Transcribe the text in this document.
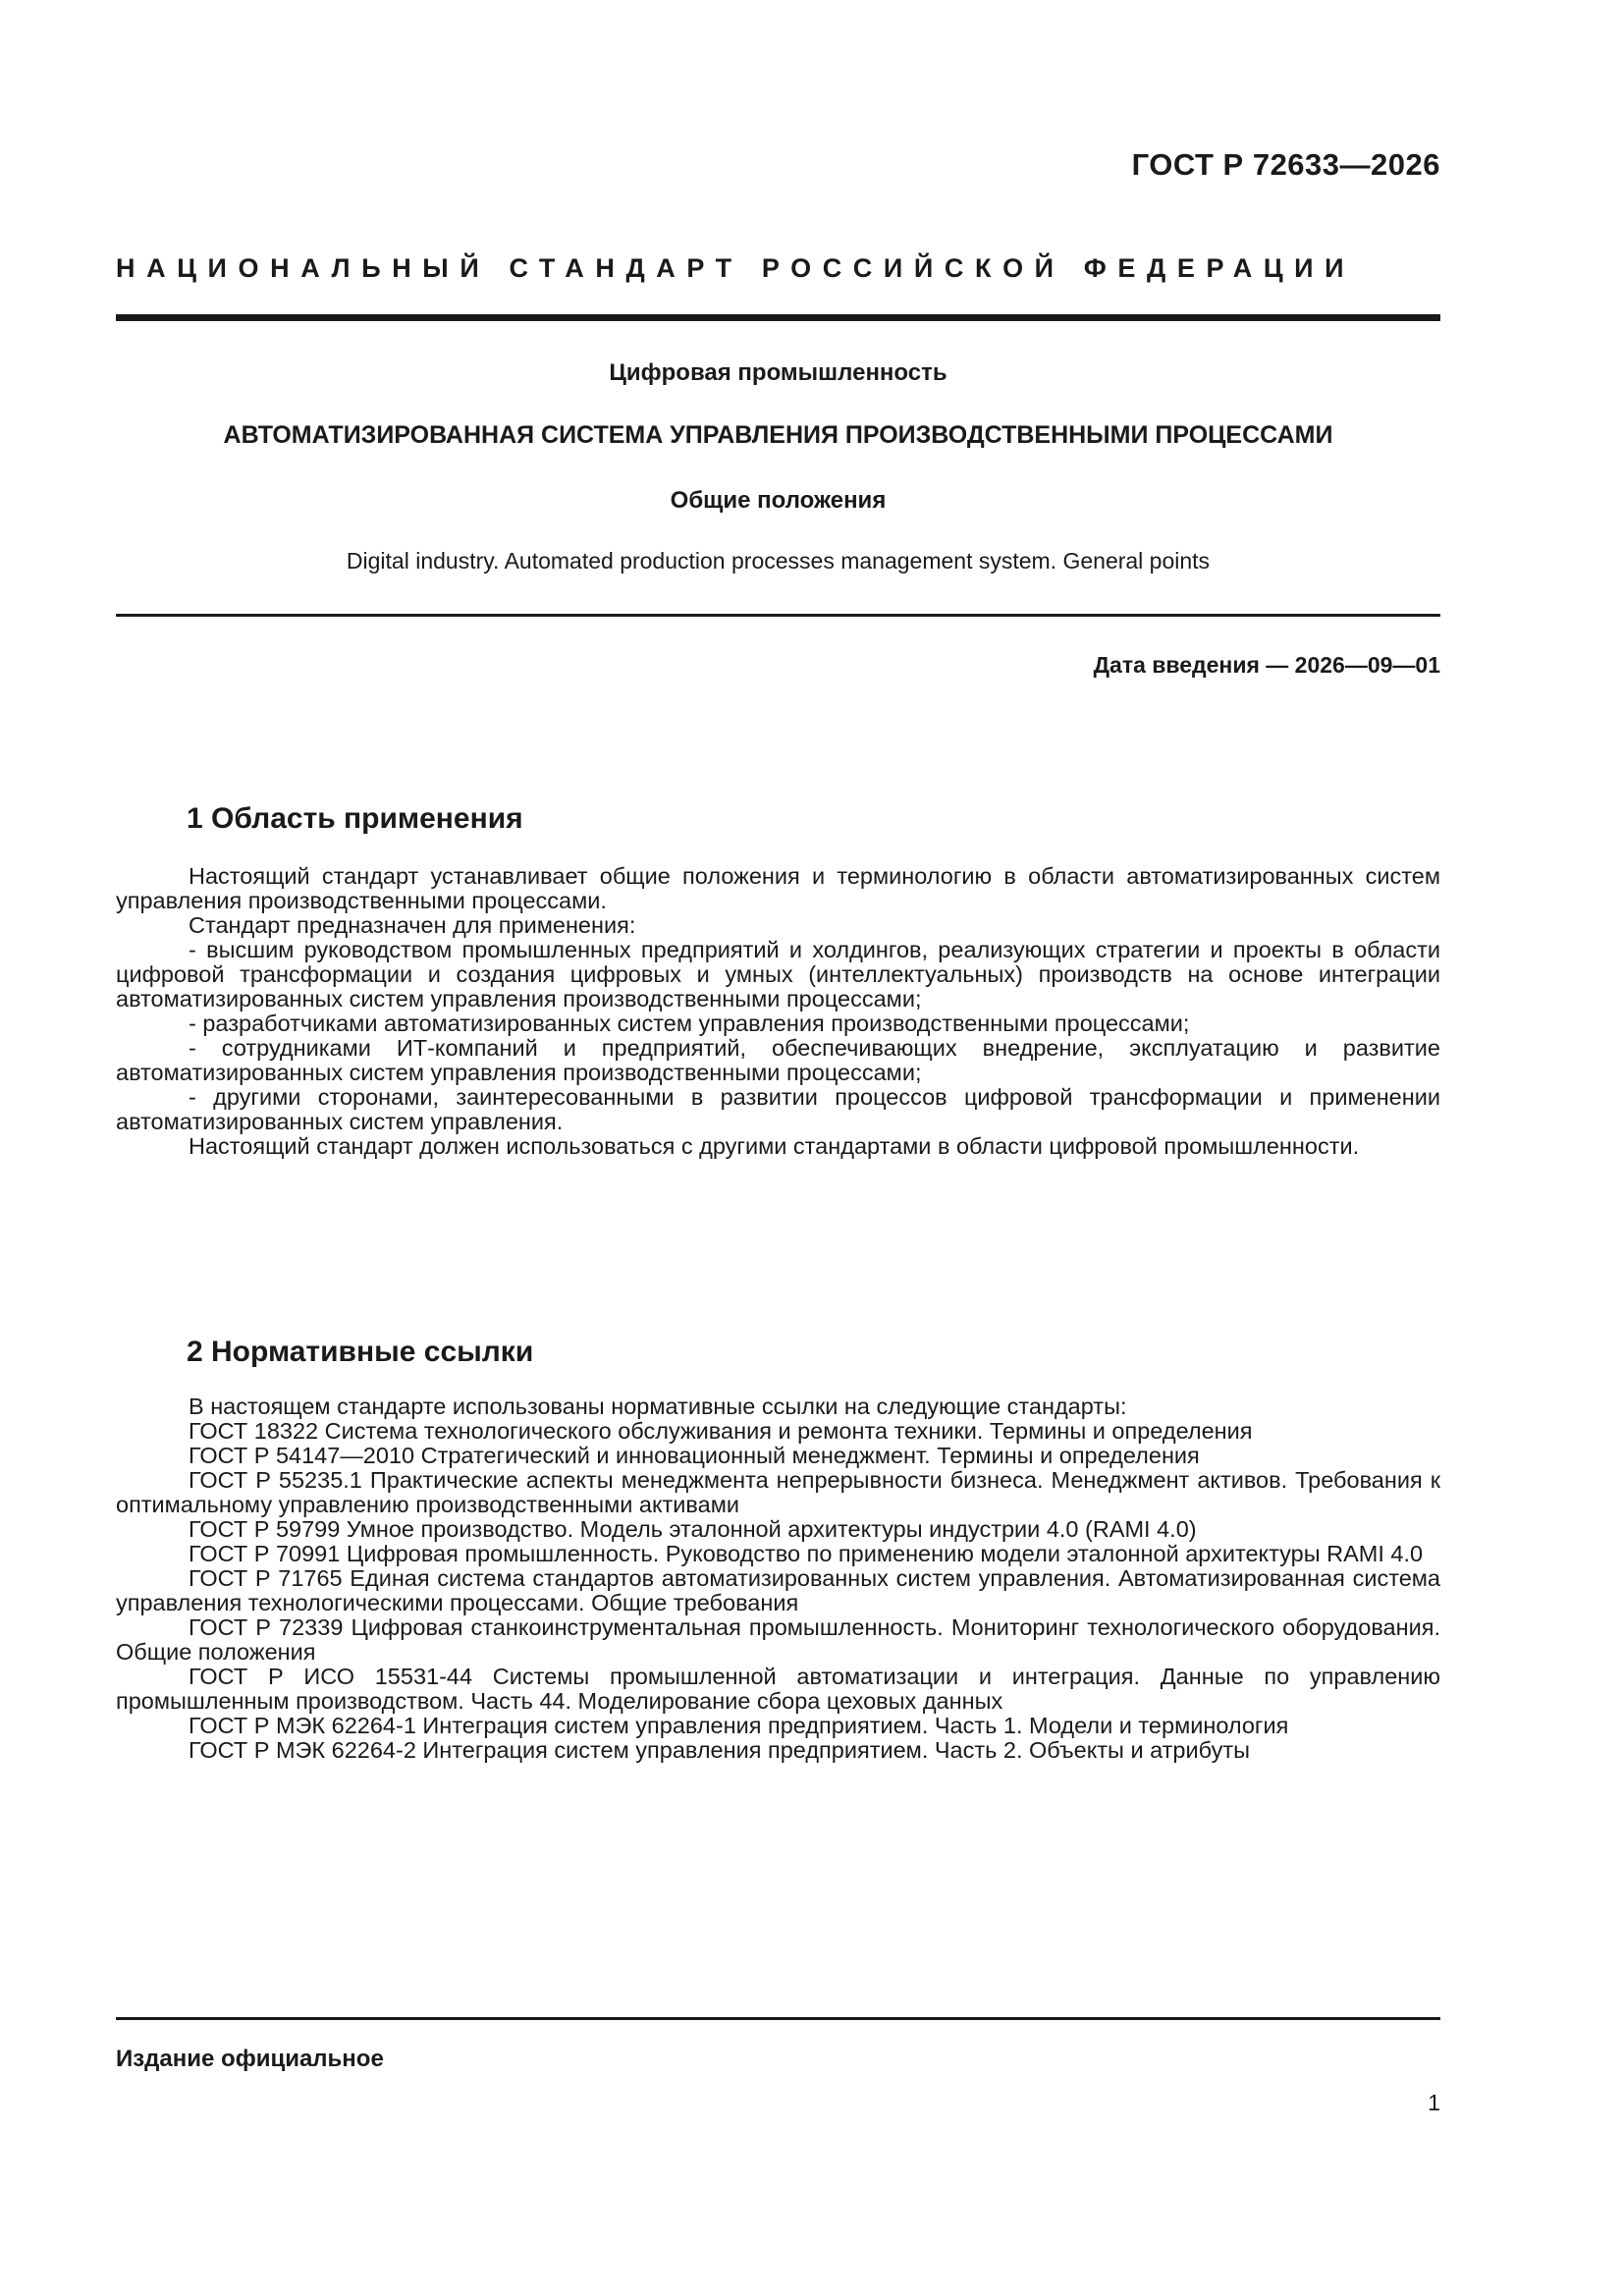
ГОСТ Р 72633—2026
НАЦИОНАЛЬНЫЙ СТАНДАРТ РОССИЙСКОЙ ФЕДЕРАЦИИ
Цифровая промышленность
АВТОМАТИЗИРОВАННАЯ СИСТЕМА УПРАВЛЕНИЯ ПРОИЗВОДСТВЕННЫМИ ПРОЦЕССАМИ
Общие положения
Digital industry. Automated production processes management system. General points
Дата введения — 2026—09—01
1 Область применения

Настоящий стандарт устанавливает общие положения и терминологию в области автоматизированных систем управления производственными процессами.

Стандарт предназначен для применения:

- высшим руководством промышленных предприятий и холдингов, реализующих стратегии и проекты в области цифровой трансформации и создания цифровых и умных (интеллектуальных) производств на основе интеграции автоматизированных систем управления производственными процессами;

- разработчиками автоматизированных систем управления производственными процессами;

- сотрудниками ИТ-компаний и предприятий, обеспечивающих внедрение, эксплуатацию и развитие автоматизированных систем управления производственными процессами;

- другими сторонами, заинтересованными в развитии процессов цифровой трансформации и применении автоматизированных систем управления.

Настоящий стандарт должен использоваться с другими стандартами в области цифровой промышленности.

2 Нормативные ссылки

В настоящем стандарте использованы нормативные ссылки на следующие стандарты:

ГОСТ 18322 Система технологического обслуживания и ремонта техники. Термины и определения

ГОСТ Р 54147—2010 Стратегический и инновационный менеджмент. Термины и определения

ГОСТ Р 55235.1 Практические аспекты менеджмента непрерывности бизнеса. Менеджмент активов. Требования к оптимальному управлению производственными активами

ГОСТ Р 59799 Умное производство. Модель эталонной архитектуры индустрии 4.0 (RAMI 4.0)

ГОСТ Р 70991 Цифровая промышленность. Руководство по применению модели эталонной архитектуры RAMI 4.0

ГОСТ Р 71765 Единая система стандартов автоматизированных систем управления. Автоматизированная система управления технологическими процессами. Общие требования

ГОСТ Р 72339 Цифровая станкоинструментальная промышленность. Мониторинг технологического оборудования. Общие положения

ГОСТ Р ИСО 15531-44 Системы промышленной автоматизации и интеграция. Данные по управлению промышленным производством. Часть 44. Моделирование сбора цеховых данных

ГОСТ Р МЭК 62264-1 Интеграция систем управления предприятием. Часть 1. Модели и терминология

ГОСТ Р МЭК 62264-2 Интеграция систем управления предприятием. Часть 2. Объекты и атрибуты

Издание официальное
1
